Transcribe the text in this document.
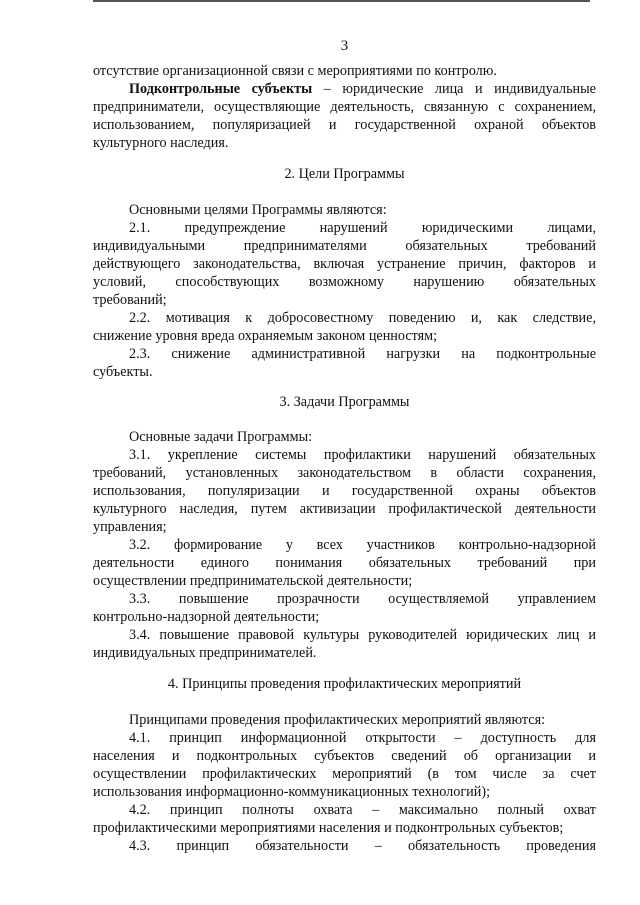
3
отсутствие организационной связи с мероприятиями по контролю.
Подконтрольные субъекты – юридические лица и индивидуальные
предприниматели, осуществляющие деятельность, связанную с сохранением,
использованием, популяризацией и государственной охраной объектов
культурного наследия.
2. Цели Программы
Основными целями Программы являются:
2.1. предупреждение нарушений юридическими лицами,
индивидуальными предпринимателями обязательных требований
действующего законодательства, включая устранение причин, факторов и
условий, способствующих возможному нарушению обязательных
требований;
2.2. мотивация к добросовестному поведению и, как следствие,
снижение уровня вреда охраняемым законом ценностям;
2.3. снижение административной нагрузки на подконтрольные
субъекты.
3. Задачи Программы
Основные задачи Программы:
3.1. укрепление системы профилактики нарушений обязательных
требований, установленных законодательством в области сохранения,
использования, популяризации и государственной охраны объектов
культурного наследия, путем активизации профилактической деятельности
управления;
3.2. формирование у всех участников контрольно-надзорной
деятельности единого понимания обязательных требований при
осуществлении предпринимательской деятельности;
3.3. повышение прозрачности осуществляемой управлением
контрольно-надзорной деятельности;
3.4. повышение правовой культуры руководителей юридических лиц и
индивидуальных предпринимателей.
4. Принципы проведения профилактических мероприятий
Принципами проведения профилактических мероприятий являются:
4.1. принцип информационной открытости – доступность для
населения и подконтрольных субъектов сведений об организации и
осуществлении профилактических мероприятий (в том числе за счет
использования информационно-коммуникационных технологий);
4.2. принцип полноты охвата – максимально полный охват
профилактическими мероприятиями населения и подконтрольных субъектов;
4.3. принцип обязательности – обязательность проведения
